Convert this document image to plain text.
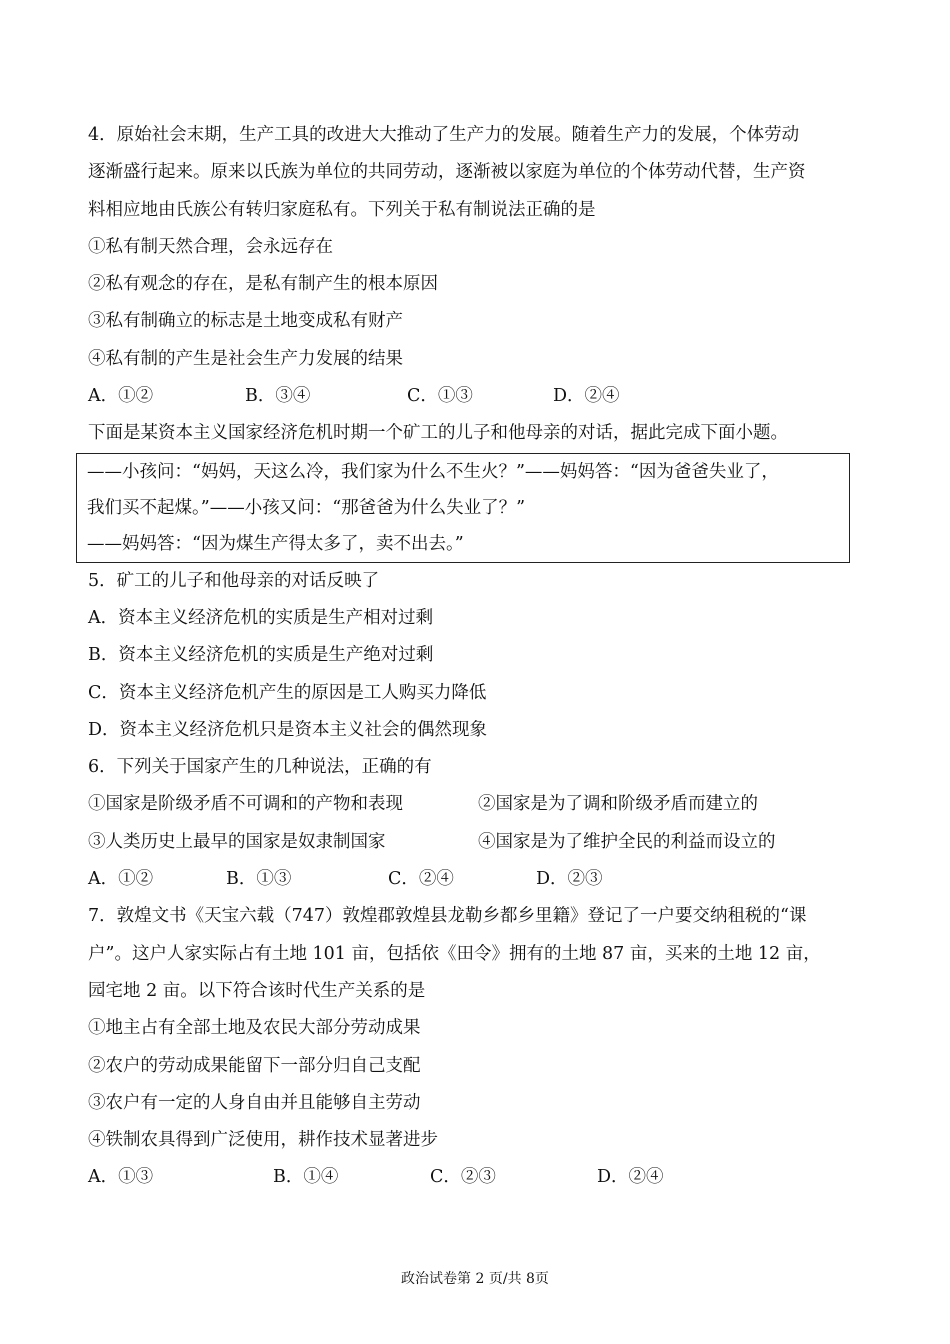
4．原始社会末期，生产工具的改进大大推动了生产力的发展。随着生产力的发展，个体劳动
逐渐盛行起来。原来以氏族为单位的共同劳动，逐渐被以家庭为单位的个体劳动代替，生产资
料相应地由氏族公有转归家庭私有。下列关于私有制说法正确的是
①私有制天然合理，会永远存在
②私有观念的存在，是私有制产生的根本原因
③私有制确立的标志是土地变成私有财产
④私有制的产生是社会生产力发展的结果
A．①②	B．③④	C．①③	D．②④
下面是某资本主义国家经济危机时期一个矿工的儿子和他母亲的对话，据此完成下面小题。
——小孩问：“妈妈，天这么冷，我们家为什么不生火？”——妈妈答：“因为爸爸失业了，
我们买不起煤。”——小孩又问：“那爸爸为什么失业了？”
——妈妈答：“因为煤生产得太多了，卖不出去。”
5．矿工的儿子和他母亲的对话反映了
A．资本主义经济危机的实质是生产相对过剩
B．资本主义经济危机的实质是生产绝对过剩
C．资本主义经济危机产生的原因是工人购买力降低
D．资本主义经济危机只是资本主义社会的偶然现象
6．下列关于国家产生的几种说法，正确的有
①国家是阶级矛盾不可调和的产物和表现	②国家是为了调和阶级矛盾而建立的
③人类历史上最早的国家是奴隶制国家	④国家是为了维护全民的利益而设立的
A．①②	B．①③	C．②④	D．②③
7．敦煌文书《天宝六载（747）敦煌郡敦煌县龙勒乡都乡里籍》登记了一户要交纳租税的“课
户”。这户人家实际占有土地 101 亩，包括依《田令》拥有的土地 87 亩，买来的土地 12 亩，
园宅地 2 亩。以下符合该时代生产关系的是
①地主占有全部土地及农民大部分劳动成果
②农户的劳动成果能留下一部分归自己支配
③农户有一定的人身自由并且能够自主劳动
④铁制农具得到广泛使用，耕作技术显著进步
A．①③	B．①④	C．②③	D．②④
政治试卷第 2 页/共 8页
